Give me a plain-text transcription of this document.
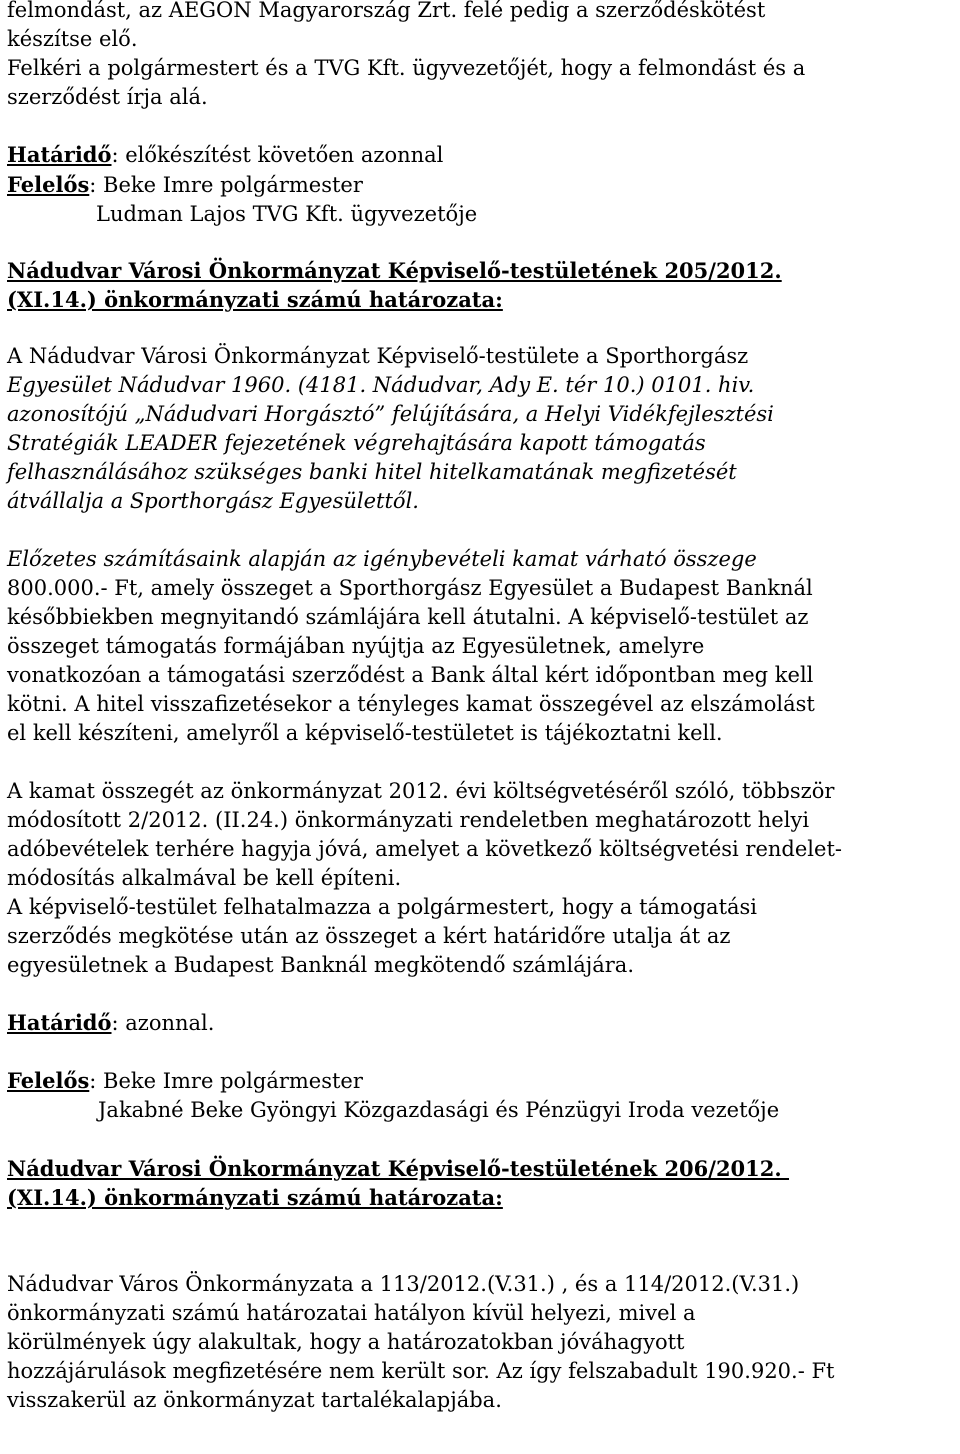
felmondást, az AEGON Magyarország Zrt. felé pedig a szerződéskötést

készítse elő.

Felkéri a polgármestert és a TVG Kft. ügyvezetőjét, hogy a felmondást és a

szerződést írja alá.

Határidő: előkészítést követően azonnal

Felelős: Beke Imre polgármester

Ludman Lajos TVG Kft. ügyvezetője

Nádudvar Városi Önkormányzat Képviselő-testületének 205/2012.

(XI.14.) önkormányzati számú határozata:

A Nádudvar Városi Önkormányzat Képviselő-testülete a Sporthorgász

Egyesület Nádudvar 1960. (4181. Nádudvar, Ady E. tér 10.) 0101. hiv.

azonosítójú „Nádudvari Horgásztó” felújítására, a Helyi Vidékfejlesztési

Stratégiák LEADER fejezetének végrehajtására kapott támogatás

felhasználásához szükséges banki hitel hitelkamatának megfizetését

átvállalja a Sporthorgász Egyesülettől.

Előzetes számításaink alapján az igénybevételi kamat várható összege

800.000.- Ft, amely összeget a Sporthorgász Egyesület a Budapest Banknál

későbbiekben megnyitandó számlájára kell átutalni. A képviselő-testület az

összeget támogatás formájában nyújtja az Egyesületnek, amelyre

vonatkozóan a támogatási szerződést a Bank által kért időpontban meg kell

kötni. A hitel visszafizetésekor a tényleges kamat összegével az elszámolást

el kell készíteni, amelyről a képviselő-testületet is tájékoztatni kell.

A kamat összegét az önkormányzat 2012. évi költségvetéséről szóló, többször

módosított 2/2012. (II.24.) önkormányzati rendeletben meghatározott helyi

adóbevételek terhére hagyja jóvá, amelyet a következő költségvetési rendelet-

módosítás alkalmával be kell építeni.

A képviselő-testület felhatalmazza a polgármestert, hogy a támogatási

szerződés megkötése után az összeget a kért határidőre utalja át az

egyesületnek a Budapest Banknál megkötendő számlájára.

Határidő: azonnal.

Felelős: Beke Imre polgármester

Jakabné Beke Gyöngyi Közgazdasági és Pénzügyi Iroda vezetője

Nádudvar Városi Önkormányzat Képviselő-testületének 206/2012.

(XI.14.) önkormányzati számú határozata:

Nádudvar Város Önkormányzata a 113/2012.(V.31.) , és a 114/2012.(V.31.)

önkormányzati számú határozatai hatályon kívül helyezi, mivel a

körülmények úgy alakultak, hogy a határozatokban jóváhagyott

hozzájárulások megfizetésére nem került sor. Az így felszabadult 190.920.- Ft

visszakerül az önkormányzat tartalékalapjába.
